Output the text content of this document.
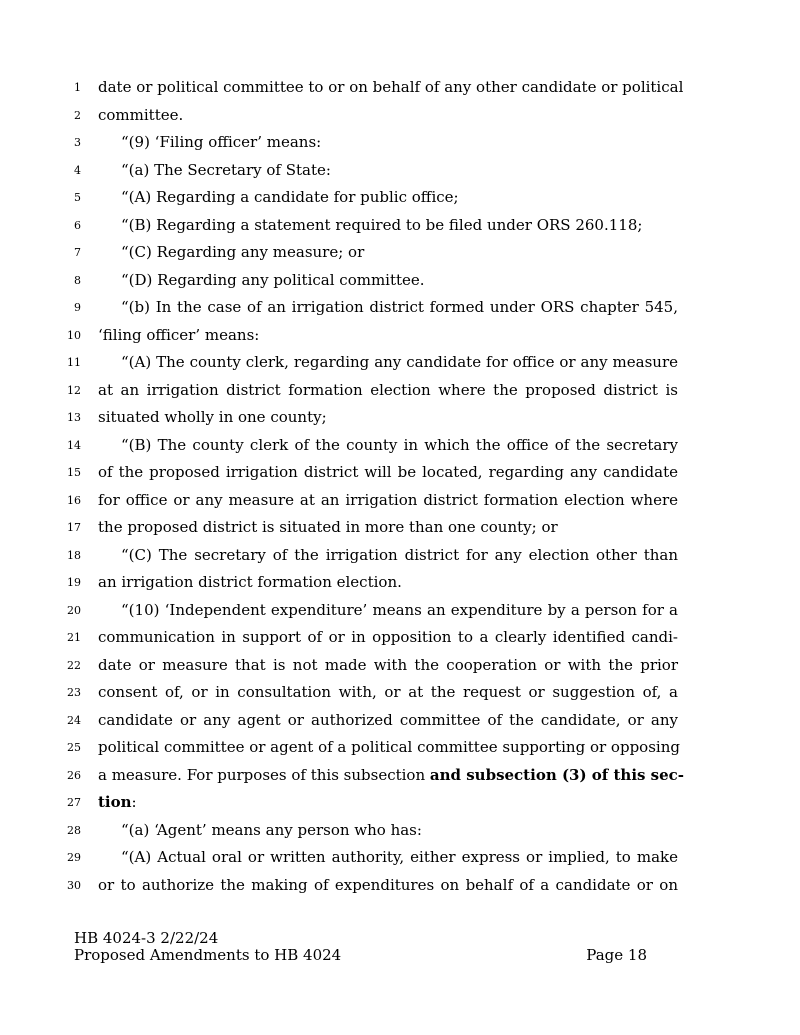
1 date or political committee to or on behalf of any other candidate or political
2 committee.
3	“(9) ‘Filing officer’ means:
4	“(a) The Secretary of State:
5	“(A) Regarding a candidate for public office;
6	“(B) Regarding a statement required to be filed under ORS 260.118;
7	“(C) Regarding any measure; or
8	“(D) Regarding any political committee.
9	“(b) In the case of an irrigation district formed under ORS chapter 545,
10 ‘filing officer’ means:
11	“(A) The county clerk, regarding any candidate for office or any measure
12 at an irrigation district formation election where the proposed district is
13 situated wholly in one county;
14	“(B) The county clerk of the county in which the office of the secretary
15 of the proposed irrigation district will be located, regarding any candidate
16 for office or any measure at an irrigation district formation election where
17 the proposed district is situated in more than one county; or
18	“(C) The secretary of the irrigation district for any election other than
19 an irrigation district formation election.
20	“(10) ‘Independent expenditure’ means an expenditure by a person for a
21 communication in support of or in opposition to a clearly identified candi-
22 date or measure that is not made with the cooperation or with the prior
23 consent of, or in consultation with, or at the request or suggestion of, a
24 candidate or any agent or authorized committee of the candidate, or any
25 political committee or agent of a political committee supporting or opposing
26 a measure. For purposes of this subsection and subsection (3) of this sec-
27 tion:
28	“(a) ‘Agent’ means any person who has:
29	“(A) Actual oral or written authority, either express or implied, to make
30 or to authorize the making of expenditures on behalf of a candidate or on
HB 4024-3 2/22/24
Proposed Amendments to HB 4024	Page 18
